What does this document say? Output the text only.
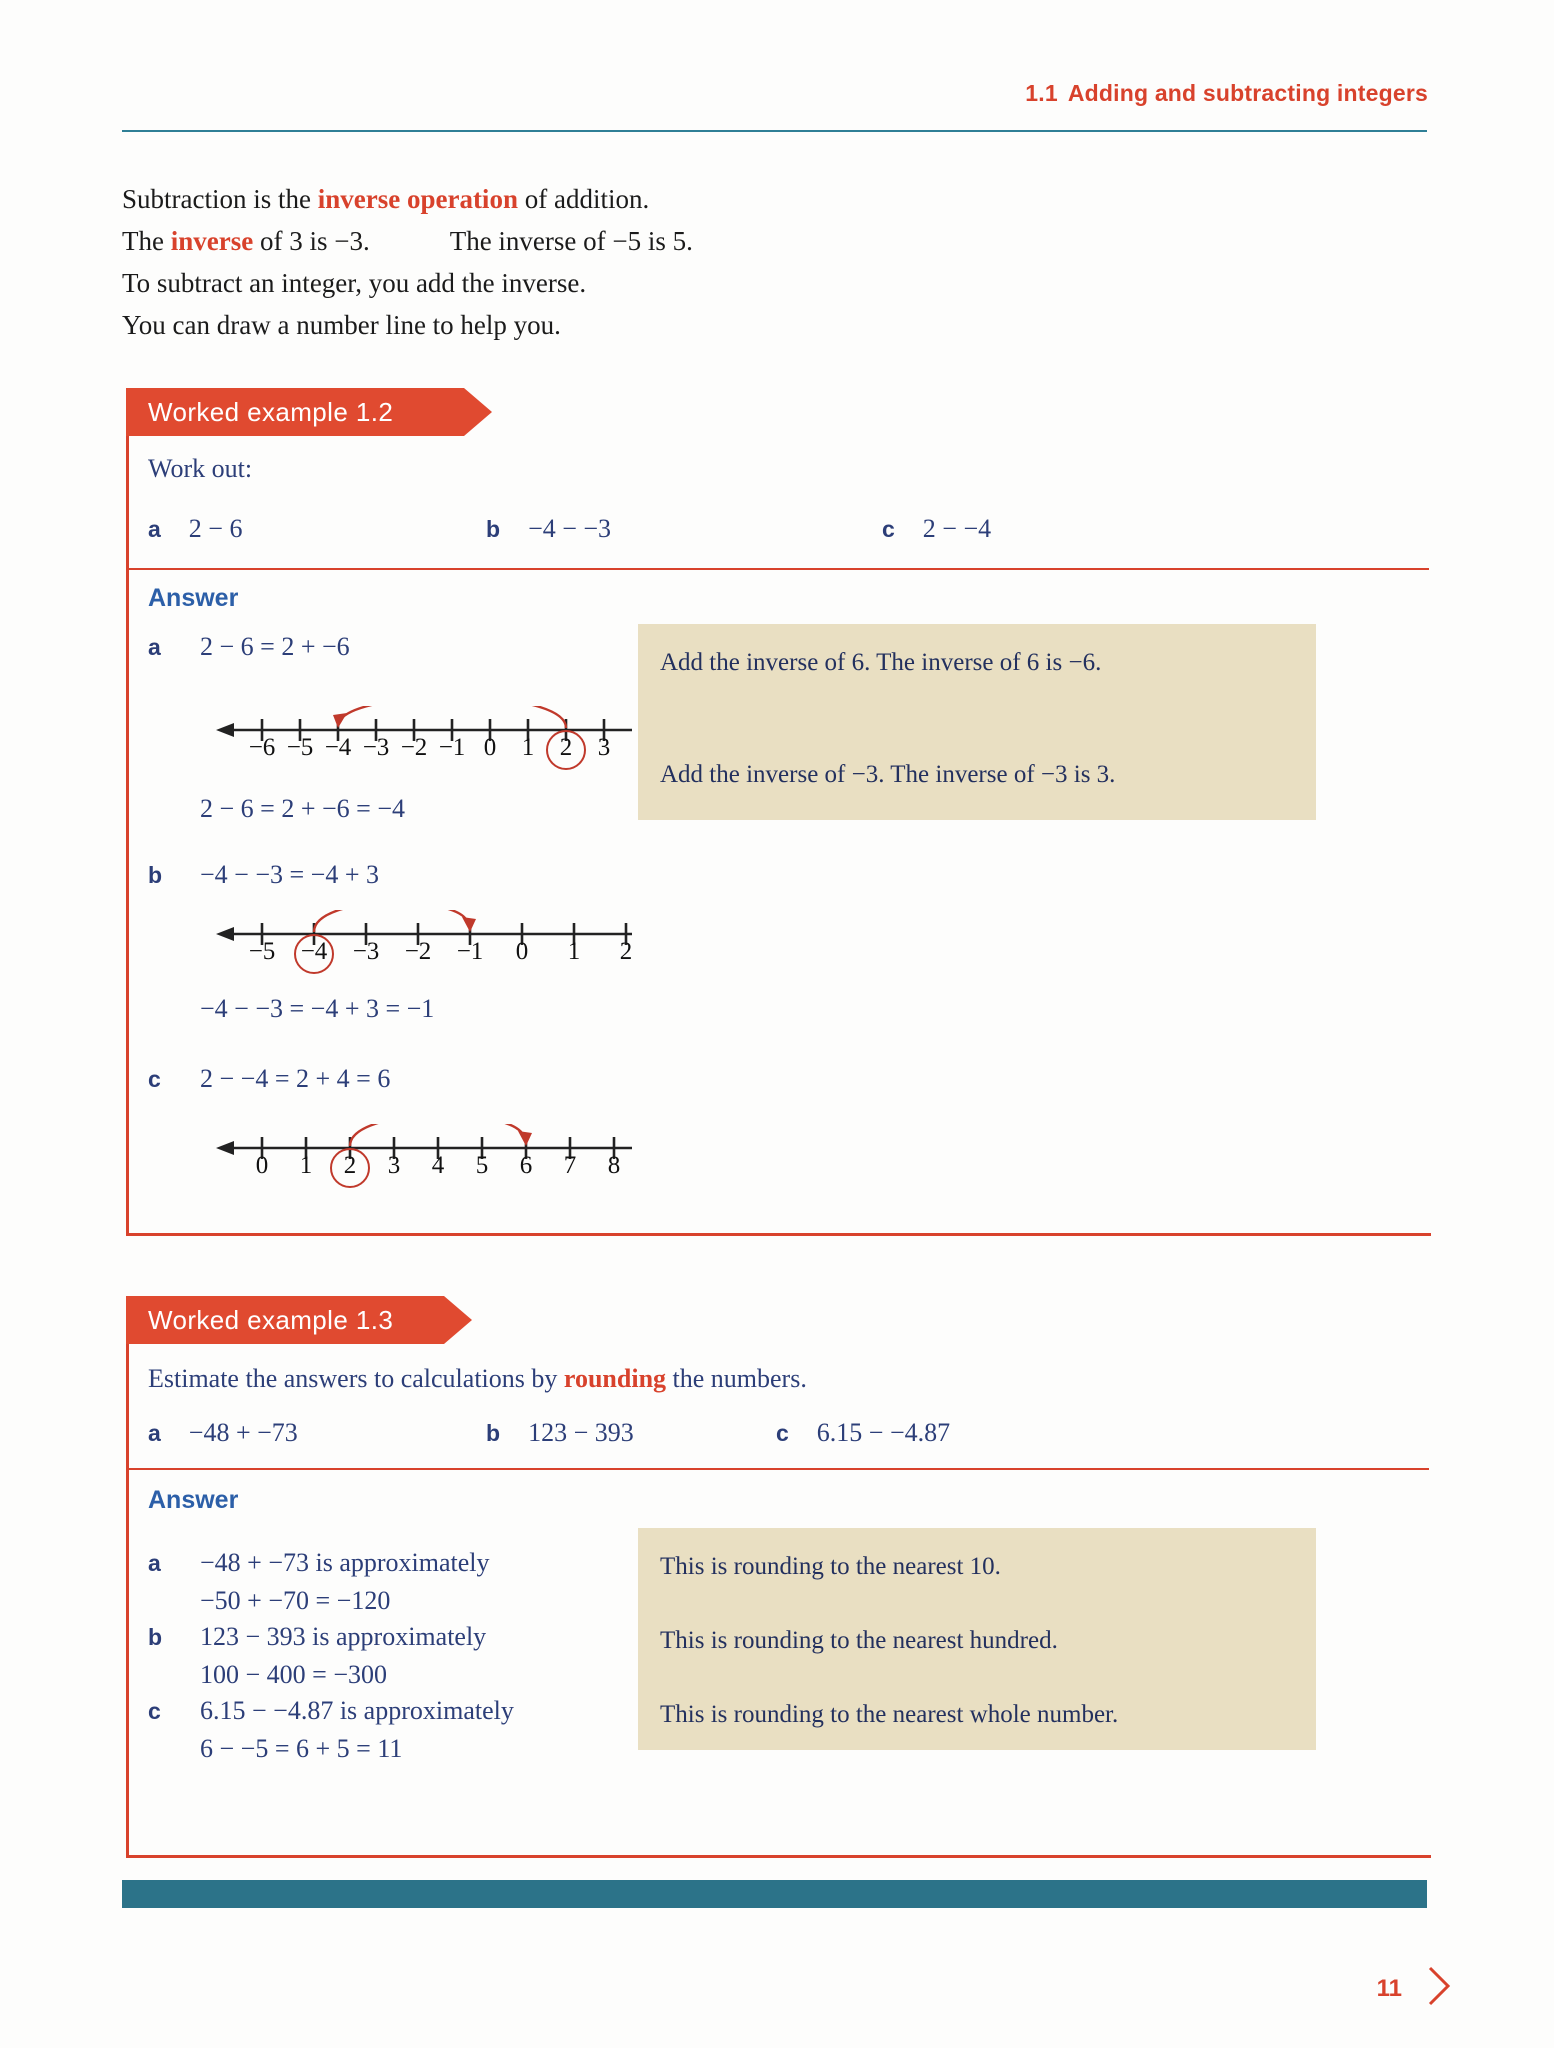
1.1 Adding and subtracting integers
Subtraction is the inverse operation of addition.
The inverse of 3 is −3.	The inverse of −5 is 5.
To subtract an integer, you add the inverse.
You can draw a number line to help you.
Worked example 1.2
Work out:
a 2 − 6	b −4 − −3	c 2 − −4
Answer
Add the inverse of 6. The inverse of 6 is −6.
Add the inverse of −3. The inverse of −3 is 3.
a 2 − 6 = 2 + −6
−6 −5 −4 −3 −2 −1 0 1 2 3
2 − 6 = 2 + −6 = −4
b −4 − −3 = −4 + 3
−5 −4 −3 −2 −1 0 1 2
−4 − −3 = −4 + 3 = −1
c 2 − −4 = 2 + 4 = 6
0 1 2 3 4 5 6 7 8
Worked example 1.3
Estimate the answers to calculations by rounding the numbers.
a −48 + −73	b 123 − 393	c 6.15 − −4.87
Answer
This is rounding to the nearest 10.
This is rounding to the nearest hundred.
This is rounding to the nearest whole number.
a −48 + −73 is approximately
−50 + −70 = −120
b 123 − 393 is approximately
100 − 400 = −300
c 6.15 − −4.87 is approximately
6 − −5 = 6 + 5 = 11
11
